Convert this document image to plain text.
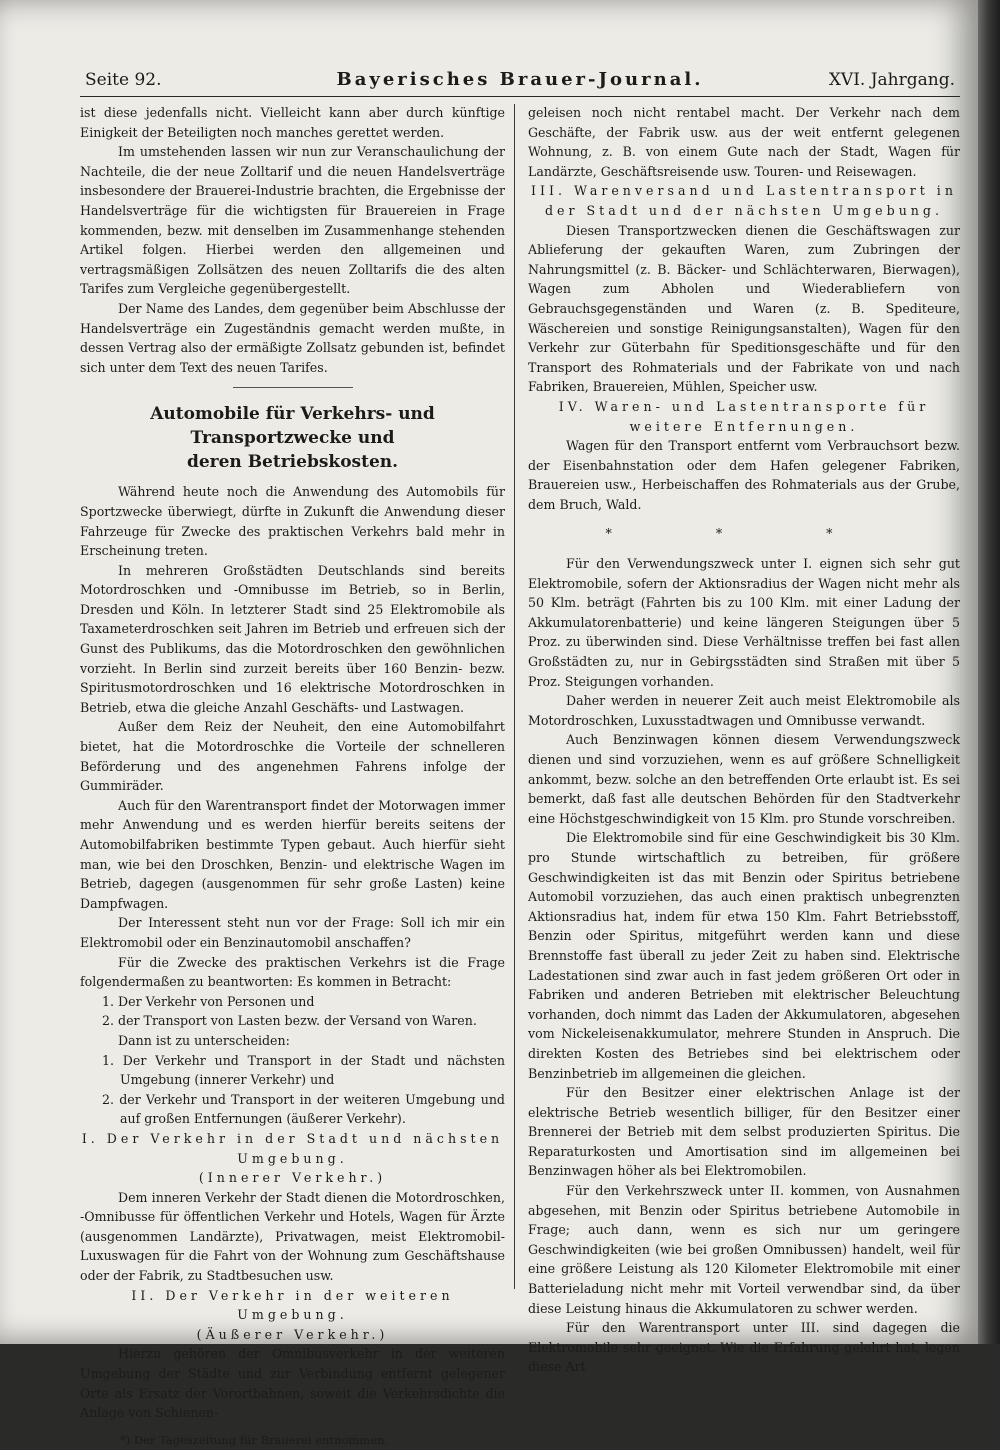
Seite 92.	Bayerisches Brauer-Journal.	XVI. Jahrgang.

ist diese jedenfalls nicht. Vielleicht kann aber durch künftige Einigkeit der Beteiligten noch manches gerettet werden.

Im umstehenden lassen wir nun zur Veranschaulichung der Nachteile, die der neue Zolltarif und die neuen Handelsverträge insbesondere der Brauerei-Industrie brachten, die Ergebnisse der Handelsverträge für die wichtigsten für Brauereien in Frage kommenden, bezw. mit denselben im Zusammenhange stehenden Artikel folgen. Hierbei werden den allgemeinen und vertragsmäßigen Zollsätzen des neuen Zolltarifs die des alten Tarifes zum Vergleiche gegenübergestellt.

Der Name des Landes, dem gegenüber beim Abschlusse der Handelsverträge ein Zugeständnis gemacht werden mußte, in dessen Vertrag also der ermäßigte Zollsatz gebunden ist, befindet sich unter dem Text des neuen Tarifes.

Automobile für Verkehrs- und Transportzwecke und
deren Betriebskosten.

Während heute noch die Anwendung des Automobils für Sportzwecke überwiegt, dürfte in Zukunft die Anwendung dieser Fahrzeuge für Zwecke des praktischen Verkehrs bald mehr in Erscheinung treten.

In mehreren Großstädten Deutschlands sind bereits Motordroschken und -Omnibusse im Betrieb, so in Berlin, Dresden und Köln. In letzterer Stadt sind 25 Elektromobile als Taxameterdroschken seit Jahren im Betrieb und erfreuen sich der Gunst des Publikums, das die Motordroschken den gewöhnlichen vorzieht. In Berlin sind zurzeit bereits über 160 Benzin- bezw. Spiritusmotordroschken und 16 elektrische Motordroschken in Betrieb, etwa die gleiche Anzahl Geschäfts- und Lastwagen.

Außer dem Reiz der Neuheit, den eine Automobilfahrt bietet, hat die Motordroschke die Vorteile der schnelleren Beförderung und des angenehmen Fahrens infolge der Gummiräder.

Auch für den Warentransport findet der Motorwagen immer mehr Anwendung und es werden hierfür bereits seitens der Automobilfabriken bestimmte Typen gebaut. Auch hierfür sieht man, wie bei den Droschken, Benzin- und elektrische Wagen im Betrieb, dagegen (ausgenommen für sehr große Lasten) keine Dampfwagen.

Der Interessent steht nun vor der Frage: Soll ich mir ein Elektromobil oder ein Benzinautomobil anschaffen?

Für die Zwecke des praktischen Verkehrs ist die Frage folgendermaßen zu beantworten: Es kommen in Betracht:

1. Der Verkehr von Personen und

2. der Transport von Lasten bezw. der Versand von Waren.

Dann ist zu unterscheiden:

1. Der Verkehr und Transport in der Stadt und nächsten Umgebung (innerer Verkehr) und

2. der Verkehr und Transport in der weiteren Umgebung und auf großen Entfernungen (äußerer Verkehr).

I. Der Verkehr in der Stadt und nächsten Umgebung.

(Innerer Verkehr.)

Dem inneren Verkehr der Stadt dienen die Motordroschken, -Omnibusse für öffentlichen Verkehr und Hotels, Wagen für Ärzte (ausgenommen Landärzte), Privatwagen, meist Elektromobil-Luxuswagen für die Fahrt von der Wohnung zum Geschäftshause oder der Fabrik, zu Stadtbesuchen usw.

II. Der Verkehr in der weiteren Umgebung.

(Äußerer Verkehr.)

Hierzu gehören der Omnibusverkehr in der weiteren Umgebung der Städte und zur Verbindung entfernt gelegener Orte als Ersatz der Vorortbahnen, soweit die Verkehrsdichte die Anlage von Schienen-

*) Der Tageszeitung für Brauerei entnommen.

geleisen noch nicht rentabel macht. Der Verkehr nach dem Geschäfte, der Fabrik usw. aus der weit entfernt gelegenen Wohnung, z. B. von einem Gute nach der Stadt, Wagen für Landärzte, Geschäftsreisende usw. Touren- und Reisewagen.

III. Warenversand und Lastentransport in der Stadt und der nächsten Umgebung.

Diesen Transportzwecken dienen die Geschäftswagen zur Ablieferung der gekauften Waren, zum Zubringen der Nahrungsmittel (z. B. Bäcker- und Schlächterwaren, Bierwagen), Wagen zum Abholen und Wiederabliefern von Gebrauchsgegenständen und Waren (z. B. Spediteure, Wäschereien und sonstige Reinigungsanstalten), Wagen für den Verkehr zur Güterbahn für Speditionsgeschäfte und für den Transport des Rohmaterials und der Fabrikate von und nach Fabriken, Brauereien, Mühlen, Speicher usw.

IV. Waren- und Lastentransporte für weitere Entfernungen.

Wagen für den Transport entfernt vom Verbrauchsort bezw. der Eisenbahnstation oder dem Hafen gelegener Fabriken, Brauereien usw., Herbeischaffen des Rohmaterials aus der Grube, dem Bruch, Wald.

* * *

Für den Verwendungszweck unter I. eignen sich sehr gut Elektromobile, sofern der Aktionsradius der Wagen nicht mehr als 50 Klm. beträgt (Fahrten bis zu 100 Klm. mit einer Ladung der Akkumulatorenbatterie) und keine längeren Steigungen über 5 Proz. zu überwinden sind. Diese Verhältnisse treffen bei fast allen Großstädten zu, nur in Gebirgsstädten sind Straßen mit über 5 Proz. Steigungen vorhanden.

Daher werden in neuerer Zeit auch meist Elektromobile als Motordroschken, Luxusstadtwagen und Omnibusse verwandt.

Auch Benzinwagen können diesem Verwendungszweck dienen und sind vorzuziehen, wenn es auf größere Schnelligkeit ankommt, bezw. solche an den betreffenden Orte erlaubt ist. Es sei bemerkt, daß fast alle deutschen Behörden für den Stadtverkehr eine Höchstgeschwindigkeit von 15 Klm. pro Stunde vorschreiben.

Die Elektromobile sind für eine Geschwindigkeit bis 30 Klm. pro Stunde wirtschaftlich zu betreiben, für größere Geschwindigkeiten ist das mit Benzin oder Spiritus betriebene Automobil vorzuziehen, das auch einen praktisch unbegrenzten Aktionsradius hat, indem für etwa 150 Klm. Fahrt Betriebsstoff, Benzin oder Spiritus, mitgeführt werden kann und diese Brennstoffe fast überall zu jeder Zeit zu haben sind. Elektrische Ladestationen sind zwar auch in fast jedem größeren Ort oder in Fabriken und anderen Betrieben mit elektrischer Beleuchtung vorhanden, doch nimmt das Laden der Akkumulatoren, abgesehen vom Nickeleisenakkumulator, mehrere Stunden in Anspruch. Die direkten Kosten des Betriebes sind bei elektrischem oder Benzinbetrieb im allgemeinen die gleichen.

Für den Besitzer einer elektrischen Anlage ist der elektrische Betrieb wesentlich billiger, für den Besitzer einer Brennerei der Betrieb mit dem selbst produzierten Spiritus. Die Reparaturkosten und Amortisation sind im allgemeinen bei Benzinwagen höher als bei Elektromobilen.

Für den Verkehrszweck unter II. kommen, von Ausnahmen abgesehen, mit Benzin oder Spiritus betriebene Automobile in Frage; auch dann, wenn es sich nur um geringere Geschwindigkeiten (wie bei großen Omnibussen) handelt, weil für eine größere Leistung als 120 Kilometer Elektromobile mit einer Batterieladung nicht mehr mit Vorteil verwendbar sind, da über diese Leistung hinaus die Akkumulatoren zu schwer werden.

Für den Warentransport unter III. sind dagegen die Elektromobile sehr geeignet. Wie die Erfahrung gelehrt hat, legen diese Art
